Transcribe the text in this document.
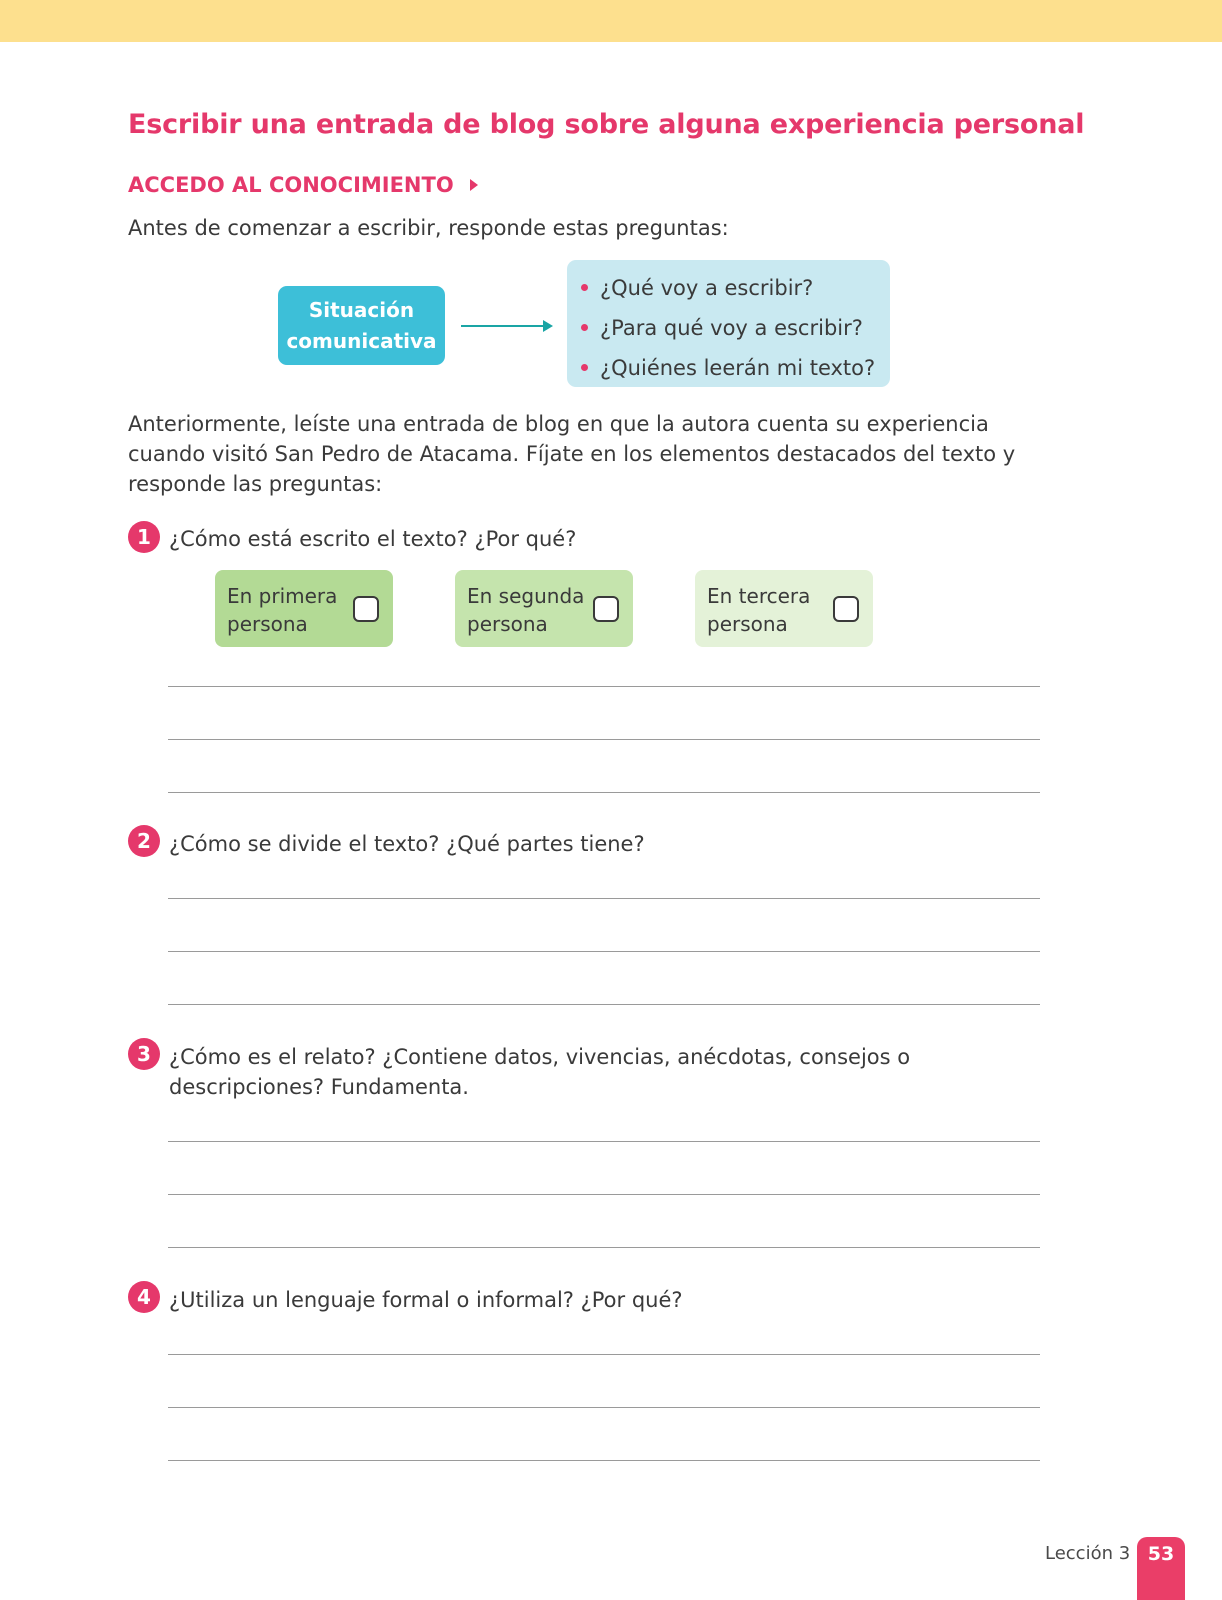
Escribir una entrada de blog sobre alguna experiencia personal
ACCEDO AL CONOCIMIENTO
Antes de comenzar a escribir, responde estas preguntas:
Situación
comunicativa
¿Qué voy a escribir?
¿Para qué voy a escribir?
¿Quiénes leerán mi texto?
Anteriormente, leíste una entrada de blog en que la autora cuenta su experiencia cuando visitó San Pedro de Atacama. Fíjate en los elementos destacados del texto y responde las preguntas:
1 ¿Cómo está escrito el texto? ¿Por qué?
En primera
persona
En segunda
persona
En tercera
persona
2 ¿Cómo se divide el texto? ¿Qué partes tiene?
3 ¿Cómo es el relato? ¿Contiene datos, vivencias, anécdotas, consejos o
descripciones? Fundamenta.
4 ¿Utiliza un lenguaje formal o informal? ¿Por qué?
Lección 3 53
